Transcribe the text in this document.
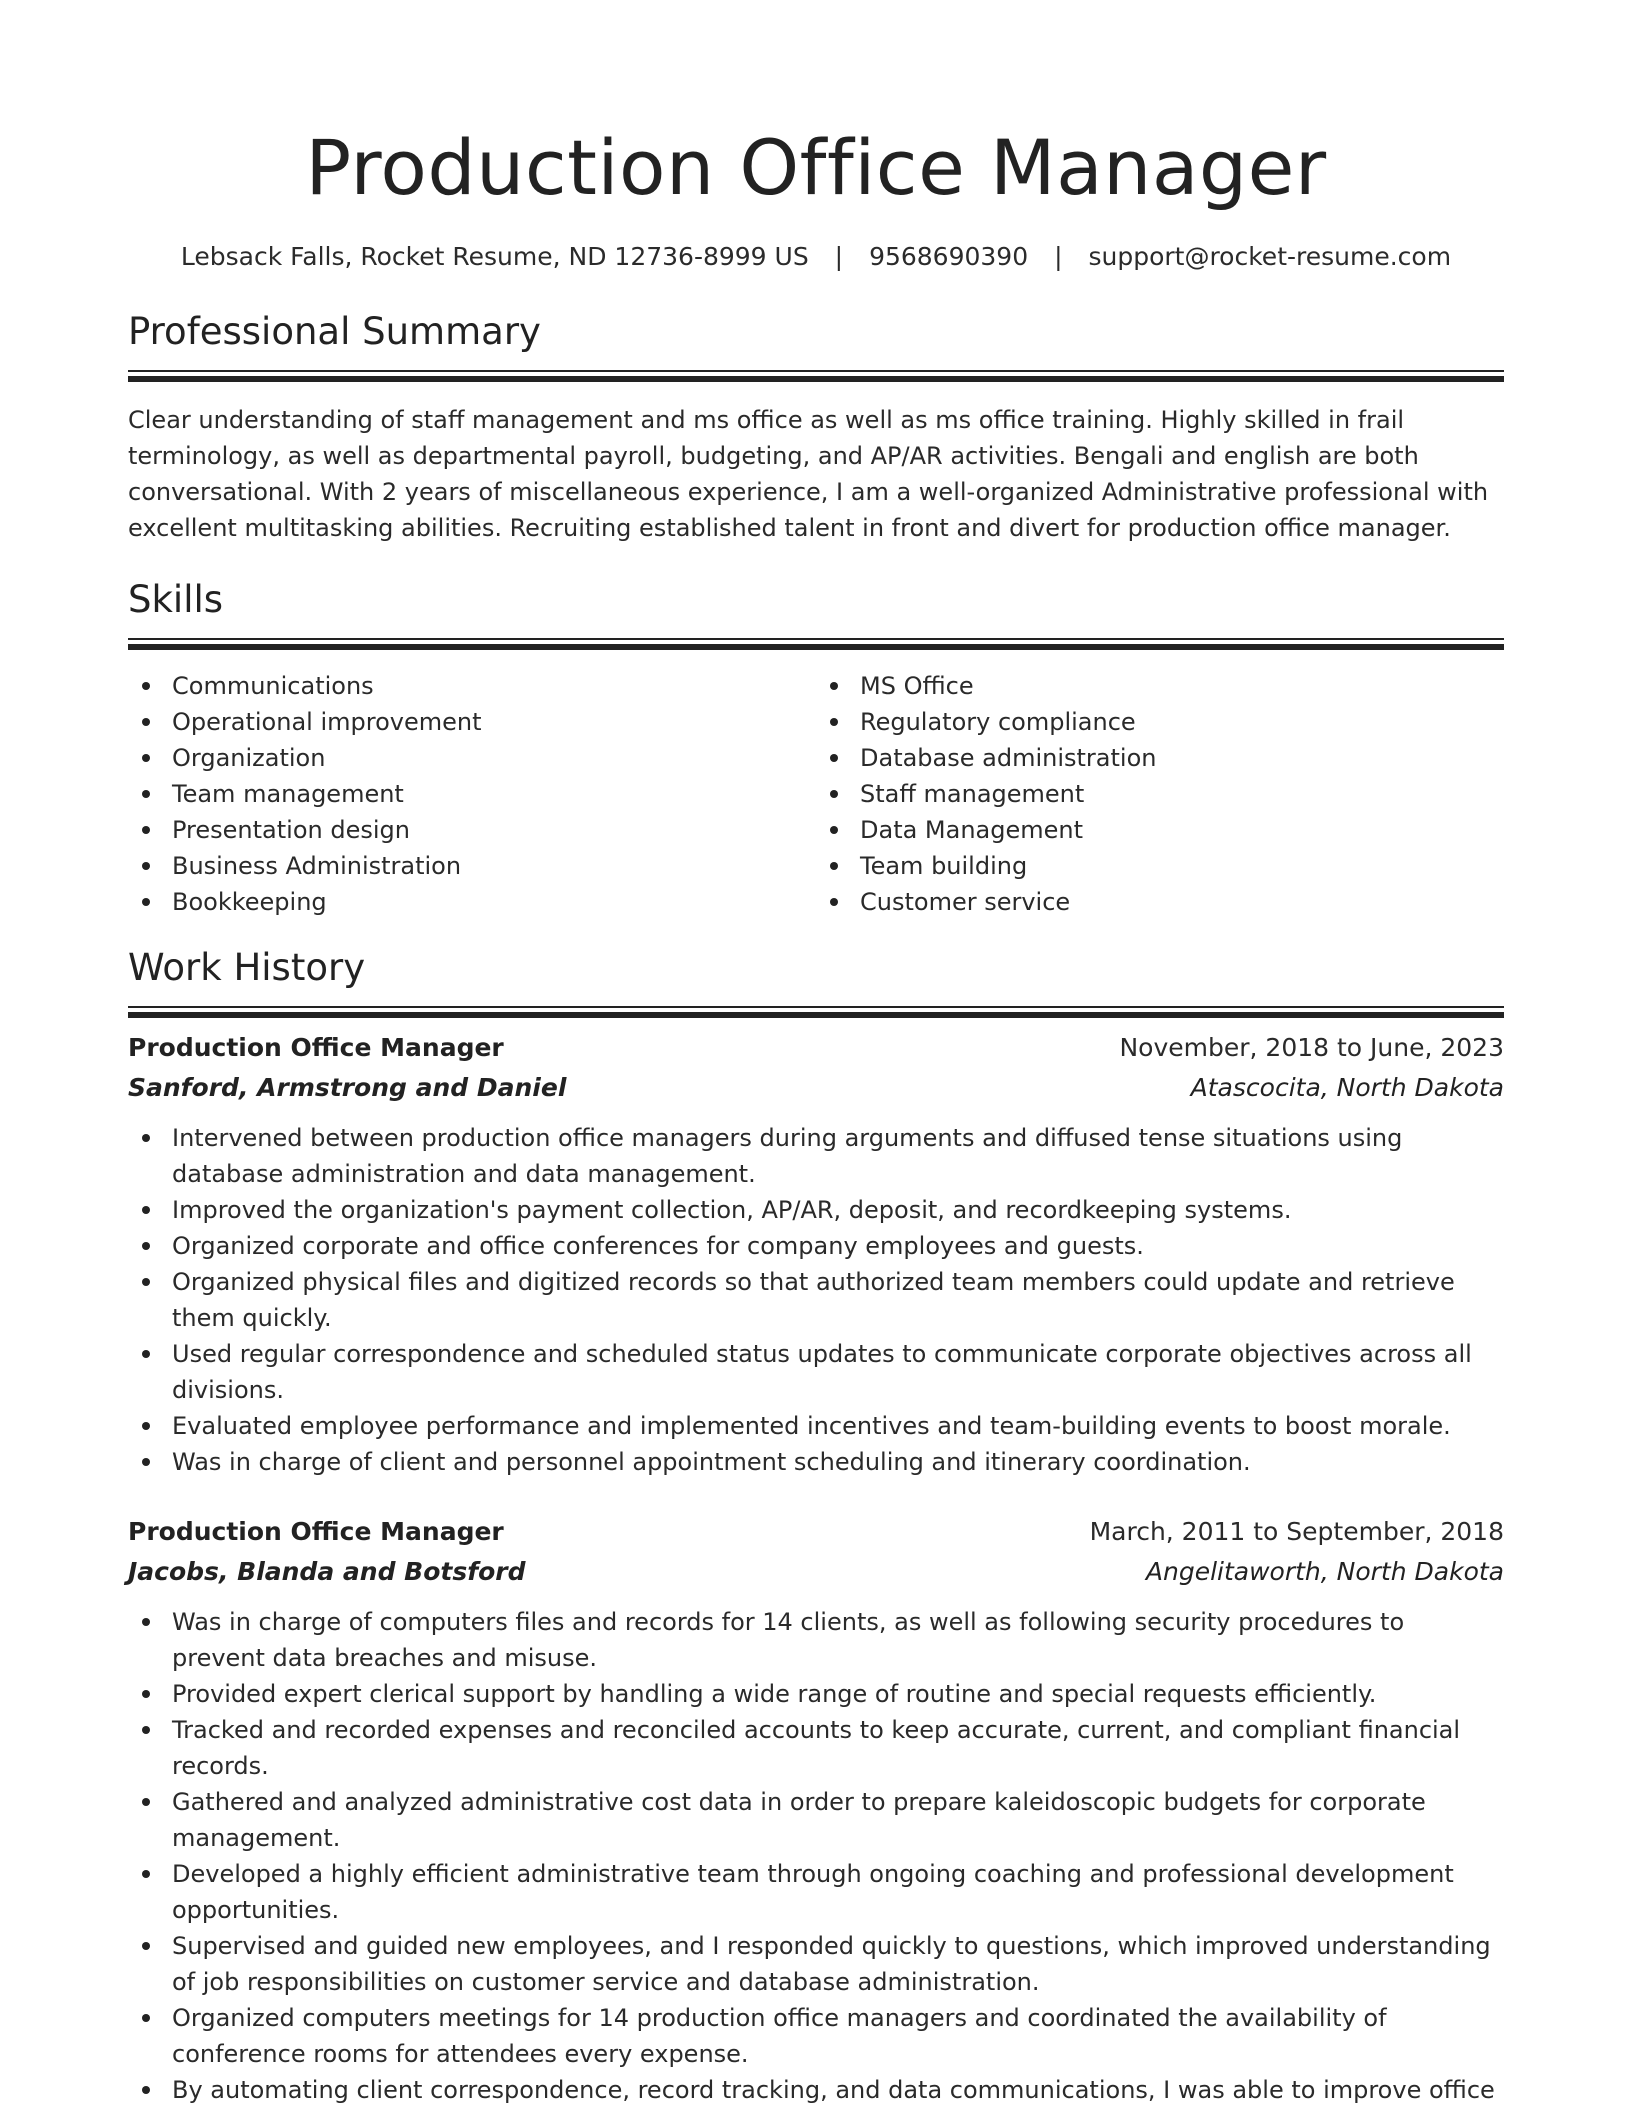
Production Office Manager
Lebsack Falls, Rocket Resume, ND 12736-8999 US | 9568690390 | support@rocket-resume.com
Professional Summary
Clear understanding of staff management and ms office as well as ms office training. Highly skilled in frail terminology, as well as departmental payroll, budgeting, and AP/AR activities. Bengali and english are both conversational. With 2 years of miscellaneous experience, I am a well-organized Administrative professional with excellent multitasking abilities. Recruiting established talent in front and divert for production office manager.
Skills
Communications
Operational improvement
Organization
Team management
Presentation design
Business Administration
Bookkeeping
MS Office
Regulatory compliance
Database administration
Staff management
Data Management
Team building
Customer service
Work History
Production Office Manager	November, 2018 to June, 2023
Sanford, Armstrong and Daniel	Atascocita, North Dakota
Intervened between production office managers during arguments and diffused tense situations using database administration and data management.
Improved the organization's payment collection, AP/AR, deposit, and recordkeeping systems.
Organized corporate and office conferences for company employees and guests.
Organized physical files and digitized records so that authorized team members could update and retrieve them quickly.
Used regular correspondence and scheduled status updates to communicate corporate objectives across all divisions.
Evaluated employee performance and implemented incentives and team-building events to boost morale.
Was in charge of client and personnel appointment scheduling and itinerary coordination.
Production Office Manager	March, 2011 to September, 2018
Jacobs, Blanda and Botsford	Angelitaworth, North Dakota
Was in charge of computers files and records for 14 clients, as well as following security procedures to prevent data breaches and misuse.
Provided expert clerical support by handling a wide range of routine and special requests efficiently.
Tracked and recorded expenses and reconciled accounts to keep accurate, current, and compliant financial records.
Gathered and analyzed administrative cost data in order to prepare kaleidoscopic budgets for corporate management.
Developed a highly efficient administrative team through ongoing coaching and professional development opportunities.
Supervised and guided new employees, and I responded quickly to questions, which improved understanding of job responsibilities on customer service and database administration.
Organized computers meetings for 14 production office managers and coordinated the availability of conference rooms for attendees every expense.
By automating client correspondence, record tracking, and data communications, I was able to improve office
